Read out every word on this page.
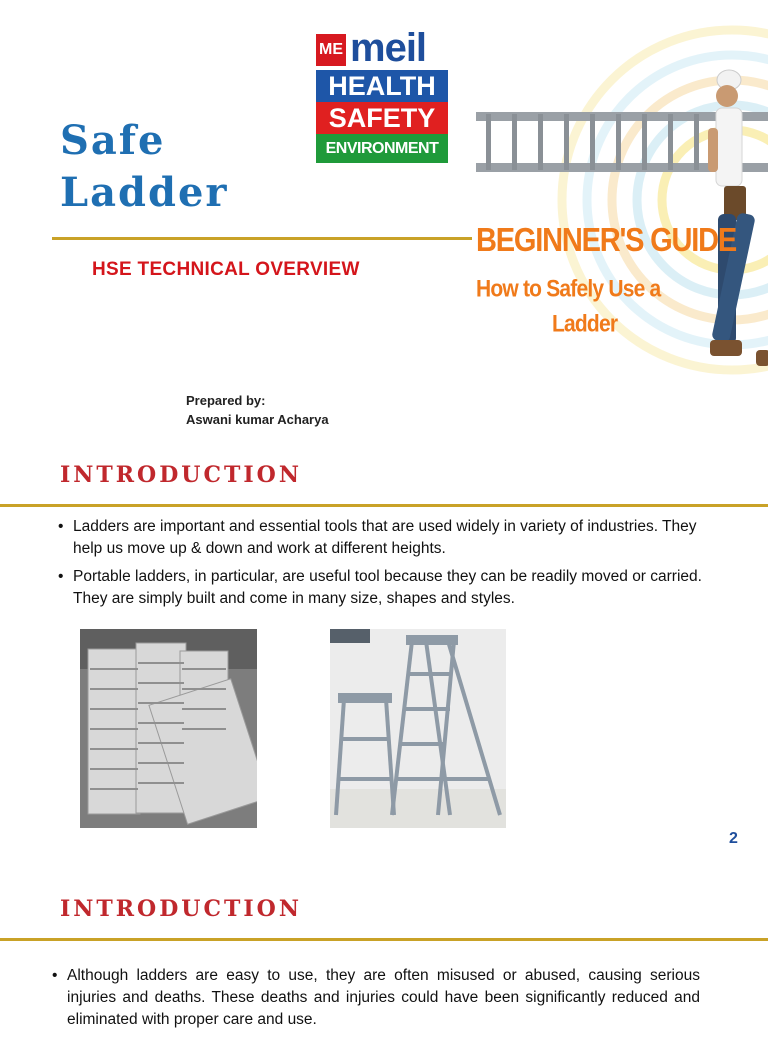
Safe
Ladder
ME meil
HEALTH
SAFETY
ENVIRONMENT
HSE TECHNICAL OVERVIEW
Prepared by:
Aswani kumar Acharya
BEGINNER'S GUIDE
How to Safely Use a
Ladder
INTRODUCTION
• Ladders are important and essential tools that are used widely in variety of industries. They help us move up & down and work at different heights.
• Portable ladders, in particular, are useful tool because they can be readily moved or carried. They are simply built and come in many size, shapes and styles.
2
INTRODUCTION
• Although ladders are easy to use, they are often misused or abused, causing serious injuries and deaths. These deaths and injuries could have been significantly reduced and eliminated with proper care and use.
